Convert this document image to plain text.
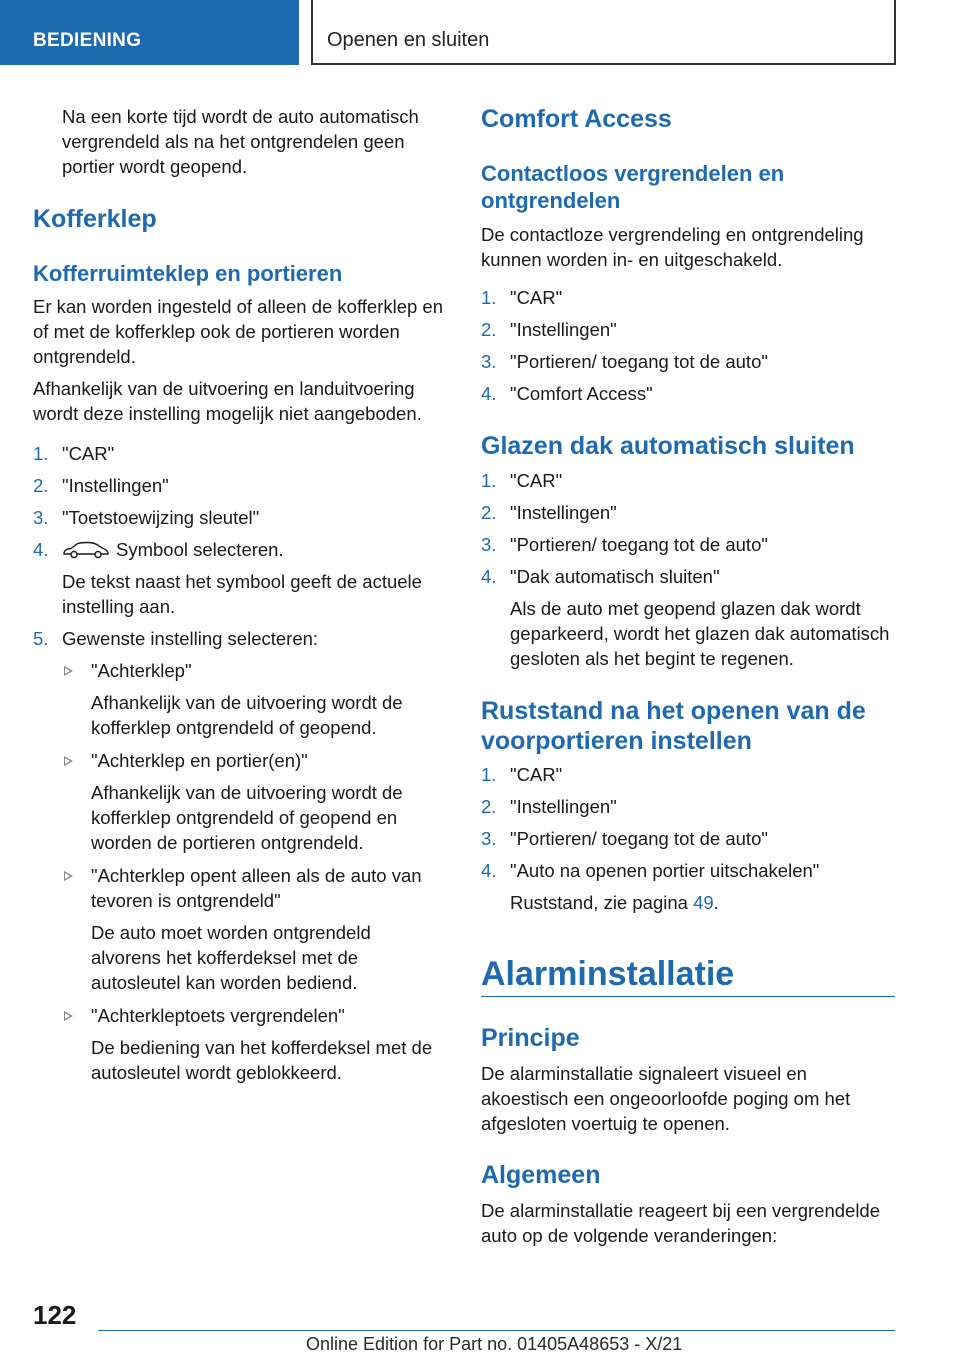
BEDIENING	Openen en sluiten

Na een korte tijd wordt de auto automatisch vergrendeld als na het ontgrendelen geen portier wordt geopend.

Kofferklep
Kofferruimteklep en portieren

Er kan worden ingesteld of alleen de kofferklep en of met de kofferklep ook de portieren worden ontgrendeld.

Afhankelijk van de uitvoering en landuitvoering wordt deze instelling mogelijk niet aangeboden.

1. "CAR"
2. "Instellingen"
3. "Toetstoewijzing sleutel"
4.	Symbool selecteren.
De tekst naast het symbool geeft de actuele instelling aan.
5. Gewenste instelling selecteren:
"Achterklep"
Afhankelijk van de uitvoering wordt de kofferklep ontgrendeld of geopend.
"Achterklep en portier(en)"
Afhankelijk van de uitvoering wordt de kofferklep ontgrendeld of geopend en worden de portieren ontgrendeld.
"Achterklep opent alleen als de auto van tevoren is ontgrendeld"
De auto moet worden ontgrendeld alvorens het kofferdeksel met de autosleutel kan worden bediend.
"Achterkleptoets vergrendelen"
De bediening van het kofferdeksel met de autosleutel wordt geblokkeerd.
Comfort Access
Contactloos vergrendelen en ontgrendelen

De contactloze vergrendeling en ontgrendeling kunnen worden in- en uitgeschakeld.

1. "CAR"
2. "Instellingen"
3. "Portieren/ toegang tot de auto"
4. "Comfort Access"
Glazen dak automatisch sluiten
1. "CAR"
2. "Instellingen"
3. "Portieren/ toegang tot de auto"
4. "Dak automatisch sluiten"
Als de auto met geopend glazen dak wordt geparkeerd, wordt het glazen dak automatisch gesloten als het begint te regenen.
Ruststand na het openen van de voorportieren instellen
1. "CAR"
2. "Instellingen"
3. "Portieren/ toegang tot de auto"
4. "Auto na openen portier uitschakelen"
Ruststand, zie pagina 49.
Alarminstallatie
Principe

De alarminstallatie signaleert visueel en akoestisch een ongeoorloofde poging om het afgesloten voertuig te openen.

Algemeen

De alarminstallatie reageert bij een vergrendelde auto op de volgende veranderingen:

122
Online Edition for Part no. 01405A48653 - X/21
